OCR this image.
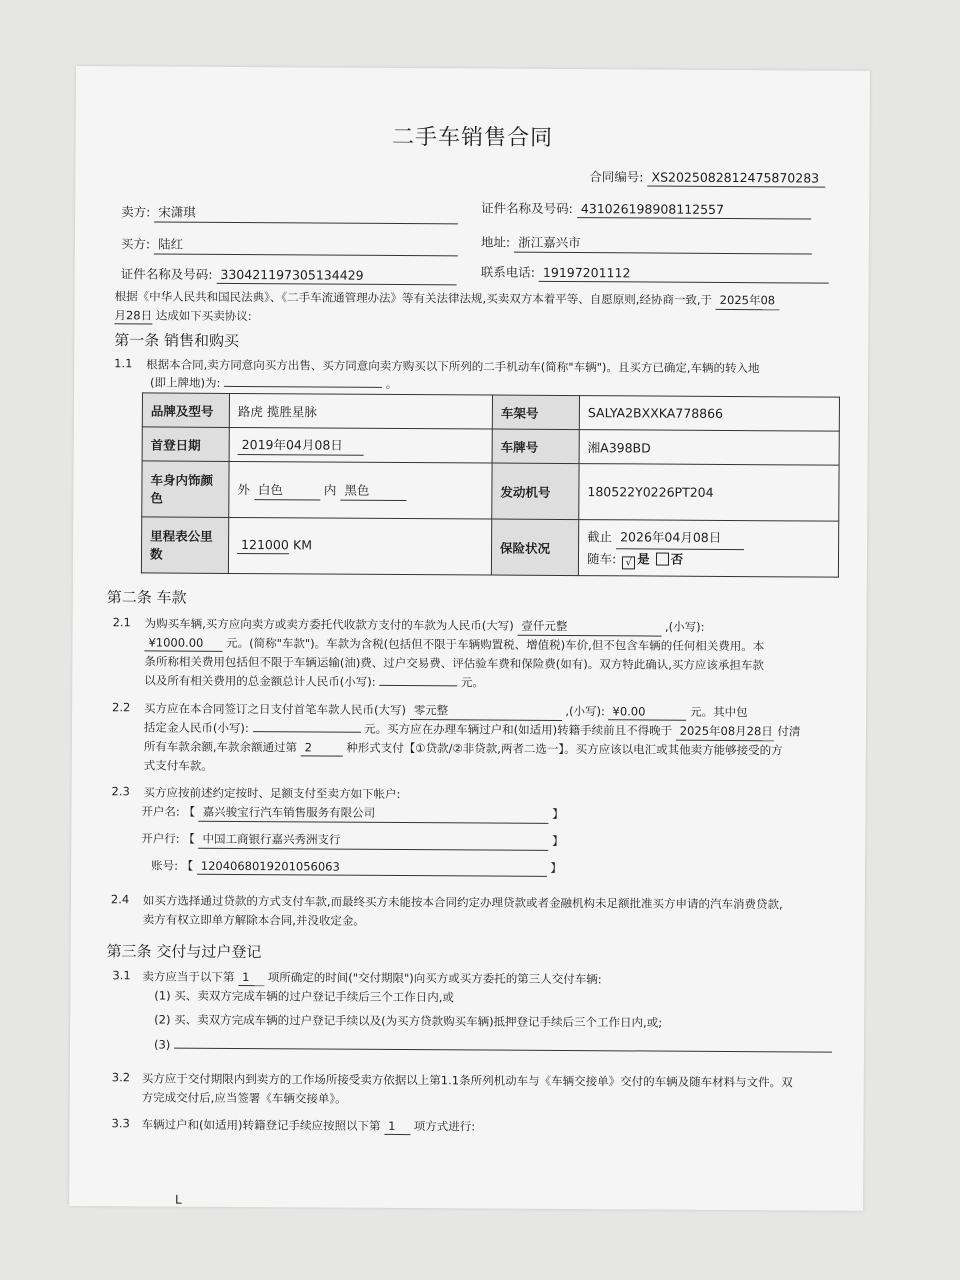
二手车销售合同
合同编号: XS2025082812475870283
卖方: 宋潇琪	证件名称及号码: 431026198908112557
买方: 陆红	地址: 浙江嘉兴市
证件名称及号码: 330421197305134429	联系电话: 19197201112
根据《中华人民共和国民法典》、《二手车流通管理办法》等有关法律法规,买卖双方本着平等、自愿原则,经协商一致,于 2025年08
月28日 达成如下买卖协议:
第一条 销售和购买
1.1 根据本合同,卖方同意向买方出售、买方同意向卖方购买以下所列的二手机动车(简称"车辆")。且买方已确定,车辆的转入地
(即上牌地)为:	。
品牌及型号	路虎 揽胜星脉	车架号	SALYA2BXXKA778866
首登日期	2019年04月08日	车牌号	湘A398BD
车身内饰颜色	外 白色 内 黑色	发动机号	180522Y0226PT204
里程表公里数	121000 KM	保险状况	截止 2026年04月08日
随车: √ 是 否
第二条 车款
2.1 为购买车辆,买方应向卖方或卖方委托代收款方支付的车款为人民币(大写) 壹仟元整	,(小写):
¥1000.00 元。(简称"车款")。车款为含税(包括但不限于车辆购置税、增值税)车价,但不包含车辆的任何相关费用。本
条所称相关费用包括但不限于车辆运输(油)费、过户交易费、评估验车费和保险费(如有)。双方特此确认,买方应该承担车款
以及所有相关费用的总金额总计人民币(小写):	元。
2.2 买方应在本合同签订之日支付首笔车款人民币(大写) 零元整	,(小写): ¥0.00	元。其中包
括定金人民币(小写):	元。买方应在办理车辆过户和(如适用)转籍手续前且不得晚于 2025年08月28日 付清
所有车款余额,车款余额通过第 2	种形式支付【①贷款/②非贷款,两者二选一】。买方应该以电汇或其他卖方能够接受的方
式支付车款。
2.3 买方应按前述约定按时、足额支付至卖方如下帐户:
开户名: 【 嘉兴骏宝行汽车销售服务有限公司	】
开户行: 【 中国工商银行嘉兴秀洲支行	】
账号: 【 1204068019201056063	】
2.4 如买方选择通过贷款的方式支付车款,而最终买方未能按本合同约定办理贷款或者金融机构未足额批准买方申请的汽车消费贷款,
卖方有权立即单方解除本合同,并没收定金。
第三条 交付与过户登记
3.1 卖方应当于以下第 1 项所确定的时间("交付期限")向买方或买方委托的第三人交付车辆:
(1) 买、卖双方完成车辆的过户登记手续后三个工作日内,或
(2) 买、卖双方完成车辆的过户登记手续以及(为买方贷款购买车辆)抵押登记手续后三个工作日内,或;
(3)
3.2 买方应于交付期限内到卖方的工作场所接受卖方依据以上第1.1条所列机动车与《车辆交接单》交付的车辆及随车材料与文件。双
方完成交付后,应当签署《车辆交接单》。
3.3 车辆过户和(如适用)转籍登记手续应按照以下第 1 项方式进行:
L
